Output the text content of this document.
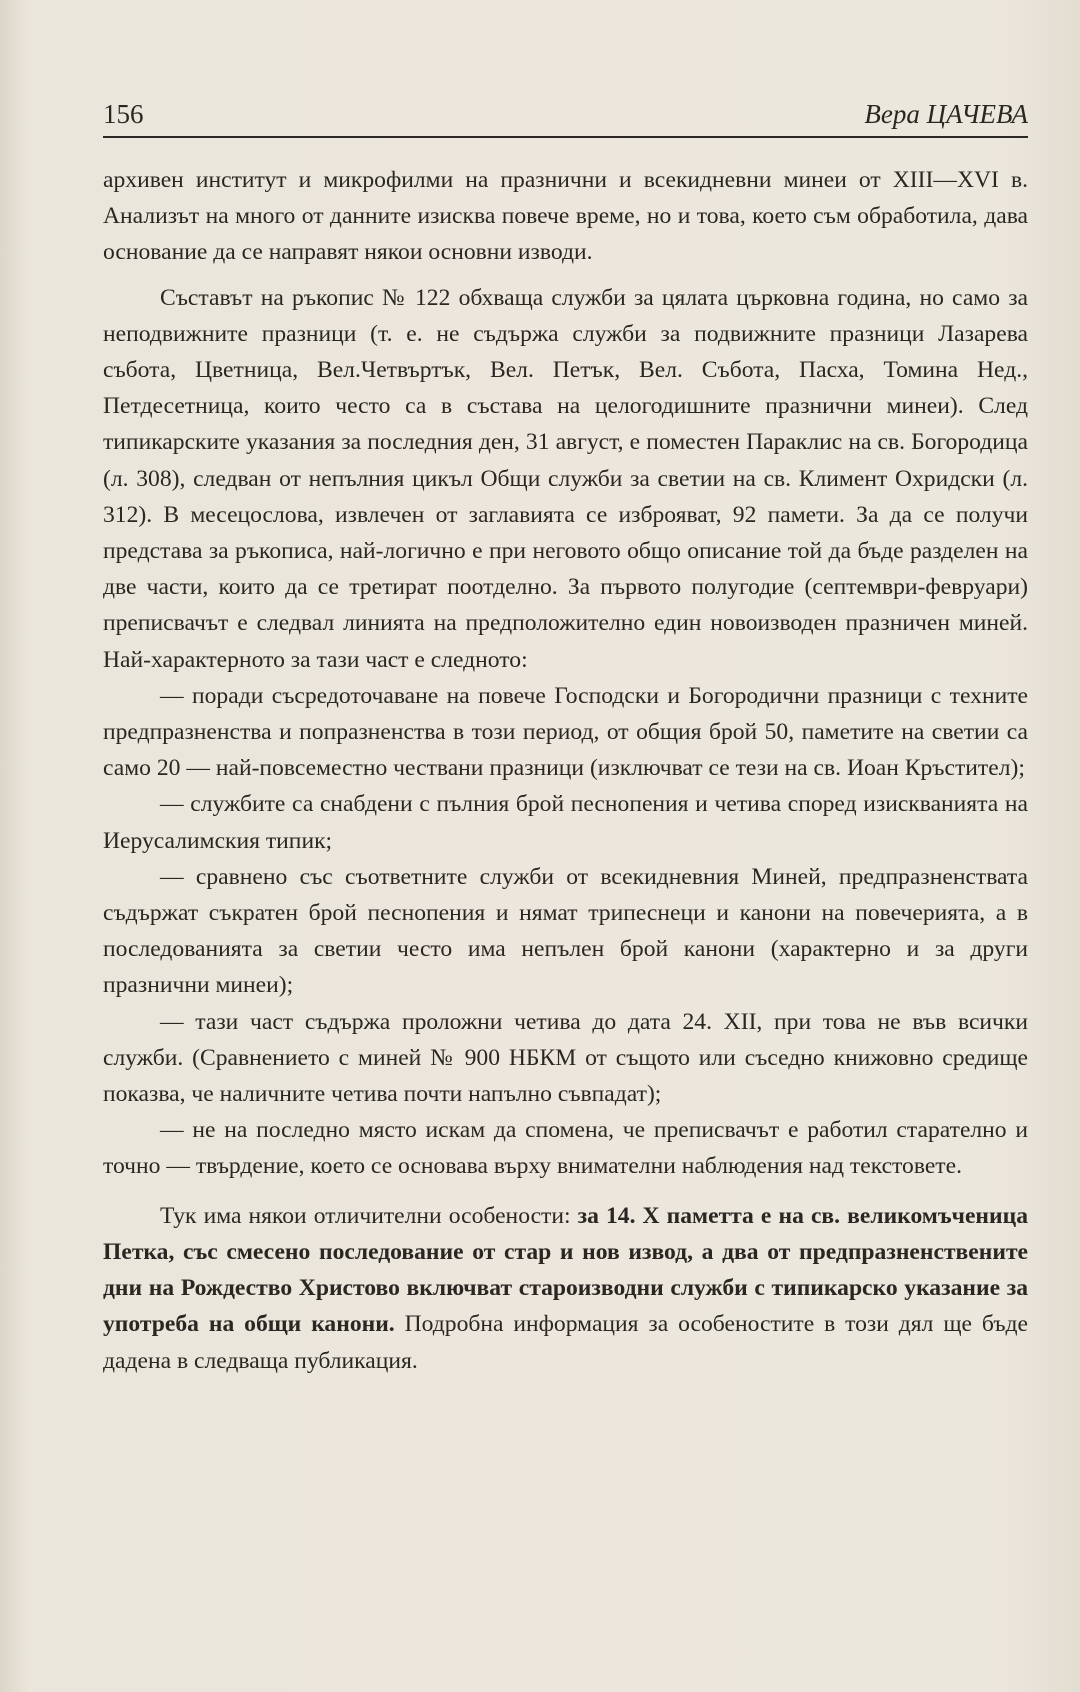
156	Вера ЦАЧЕВА

архивен институт и микрофилми на празнични и всекидневни минеи от XIII—XVI в. Анализът на много от данните изисква повече време, но и това, което съм обработила, дава основание да се направят някои основни изводи.

Съставът на ръкопис № 122 обхваща служби за цялата църковна година, но само за неподвижните празници (т. е. не съдържа служби за подвижните празници Лазарева събота, Цветница, Вел.Четвъртък, Вел. Петък, Вел. Събота, Пасха, Томина Нед., Петдесетница, които често са в състава на целогодишните празнични минеи). След типикарските указания за последния ден, 31 август, е поместен Параклис на св. Богородица (л. 308), следван от непълния цикъл Общи служби за светии на св. Климент Охридски (л. 312). В месецослова, извлечен от заглавията се изброяват, 92 памети. За да се получи представа за ръкописа, най-логично е при неговото общо описание той да бъде разделен на две части, които да се третират поотделно. За първото полугодие (септември-февруари) преписвачът е следвал линията на предположително един новоизводен празничен миней. Най-характерното за тази част е следното:

— поради съсредоточаване на повече Господски и Богородични празници с техните предпразненства и попразненства в този период, от общия брой 50, паметите на светии са само 20 — най-повсеместно чествани празници (изключват се тези на св. Иоан Кръстител);

— службите са снабдени с пълния брой песнопения и четива според изискванията на Иерусалимския типик;

— сравнено със съответните служби от всекидневния Миней, предпразненствата съдържат съкратен брой песнопения и нямат трипеснеци и канони на повечерията, а в последованията за светии често има непълен брой канони (характерно и за други празнични минеи);

— тази част съдържа проложни четива до дата 24. XII, при това не във всички служби. (Сравнението с миней № 900 НБКМ от същото или съседно книжовно средище показва, че наличните четива почти напълно съвпадат);

— не на последно място искам да спомена, че преписвачът е работил старателно и точно — твърдение, което се основава върху внимателни наблюдения над текстовете.

Тук има някои отличителни особености: за 14. X паметта е на св. великомъченица Петка, със смесено последование от стар и нов извод, а два от предпразненствените дни на Рождество Христово включват староизводни служби с типикарско указание за употреба на общи канони. Подробна информация за особеностите в този дял ще бъде дадена в следваща публикация.
